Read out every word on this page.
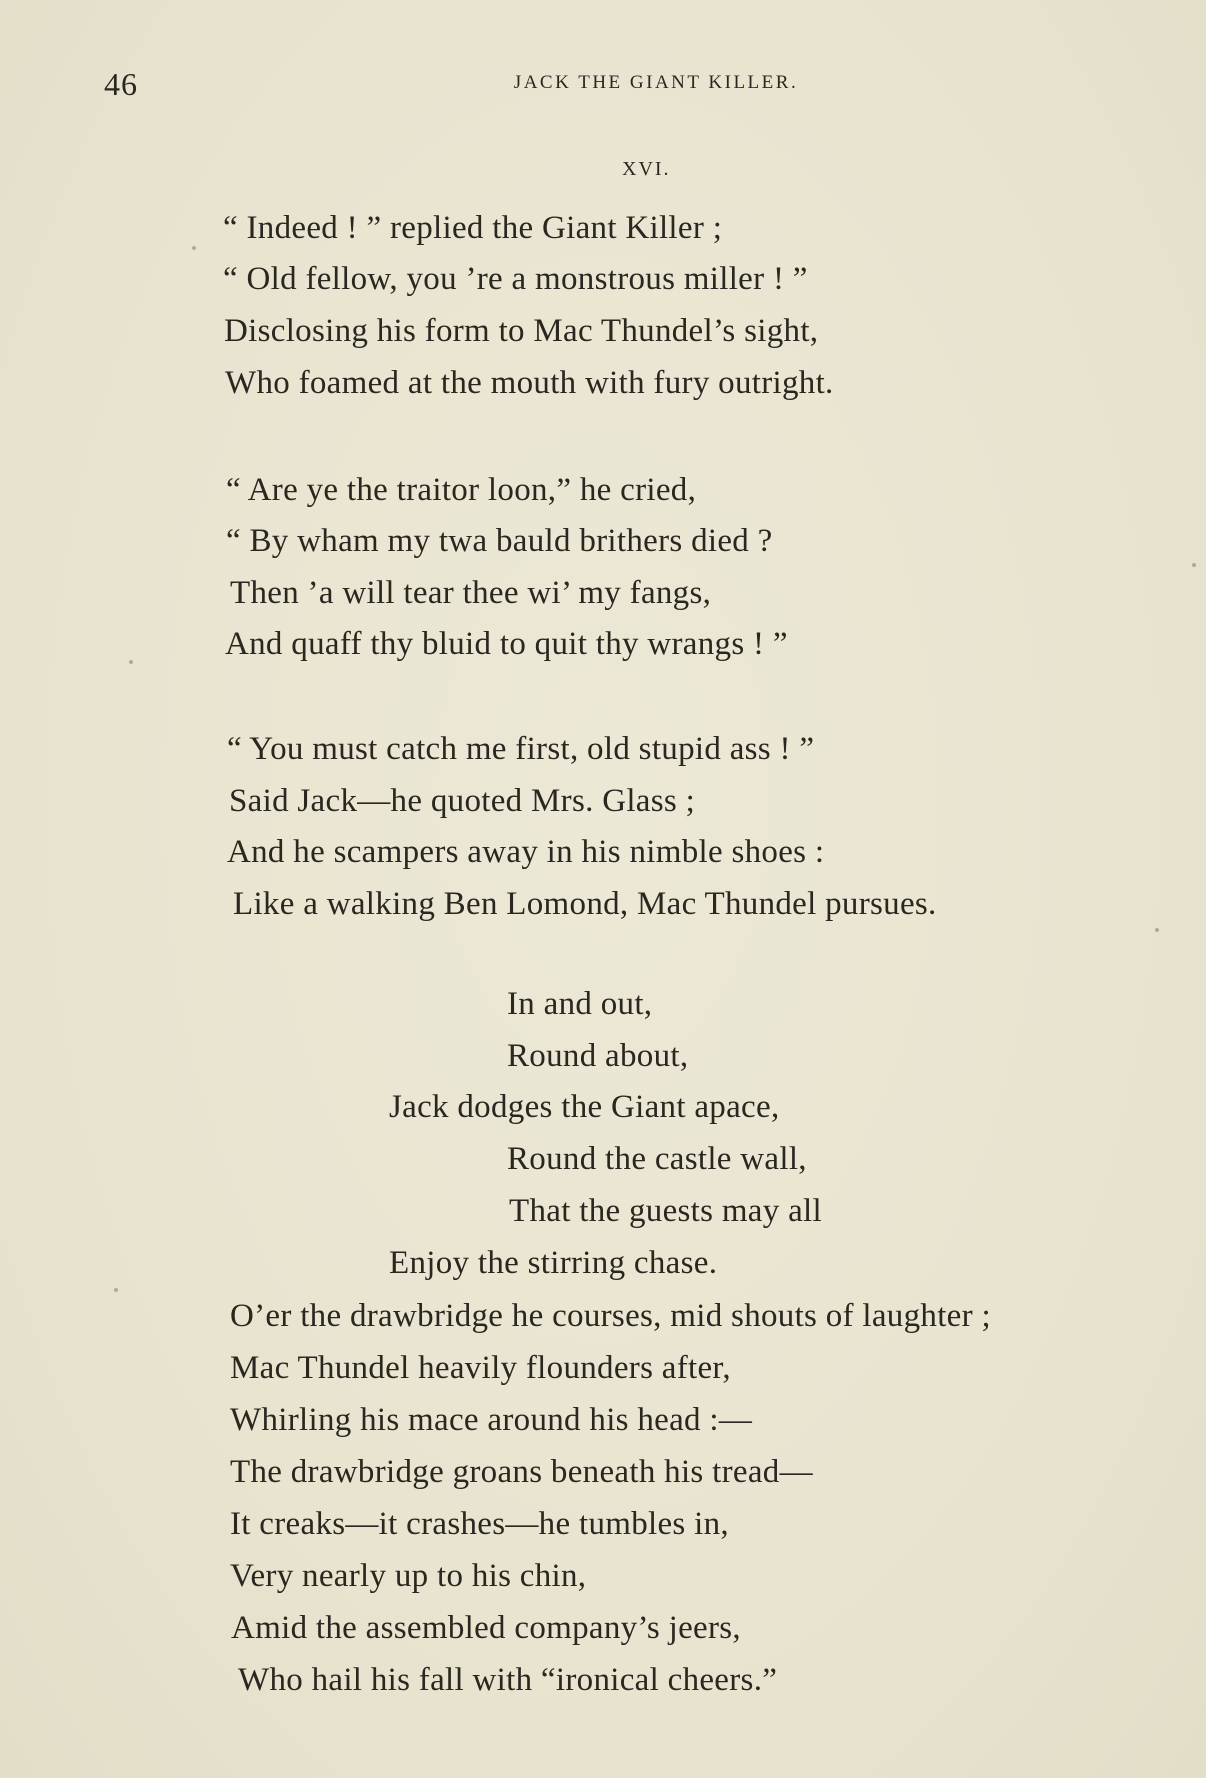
46	JACK THE GIANT KILLER.
XVI.
“ Indeed ! ” replied the Giant Killer ;
“ Old fellow, you ’re a monstrous miller ! ”
Disclosing his form to Mac Thundel’s sight,
Who foamed at the mouth with fury outright.
“ Are ye the traitor loon,” he cried,
“ By wham my twa bauld brithers died ?
Then ’a will tear thee wi’ my fangs,
And quaff thy bluid to quit thy wrangs ! ”
“ You must catch me first, old stupid ass ! ”
Said Jack—he quoted Mrs. Glass ;
And he scampers away in his nimble shoes :
Like a walking Ben Lomond, Mac Thundel pursues.
In and out,
Round about,
Jack dodges the Giant apace,
Round the castle wall,
That the guests may all
Enjoy the stirring chase.
O’er the drawbridge he courses, mid shouts of laughter ;
Mac Thundel heavily flounders after,
Whirling his mace around his head :—
The drawbridge groans beneath his tread—
It creaks—it crashes—he tumbles in,
Very nearly up to his chin,
Amid the assembled company’s jeers,
Who hail his fall with “ironical cheers.”
